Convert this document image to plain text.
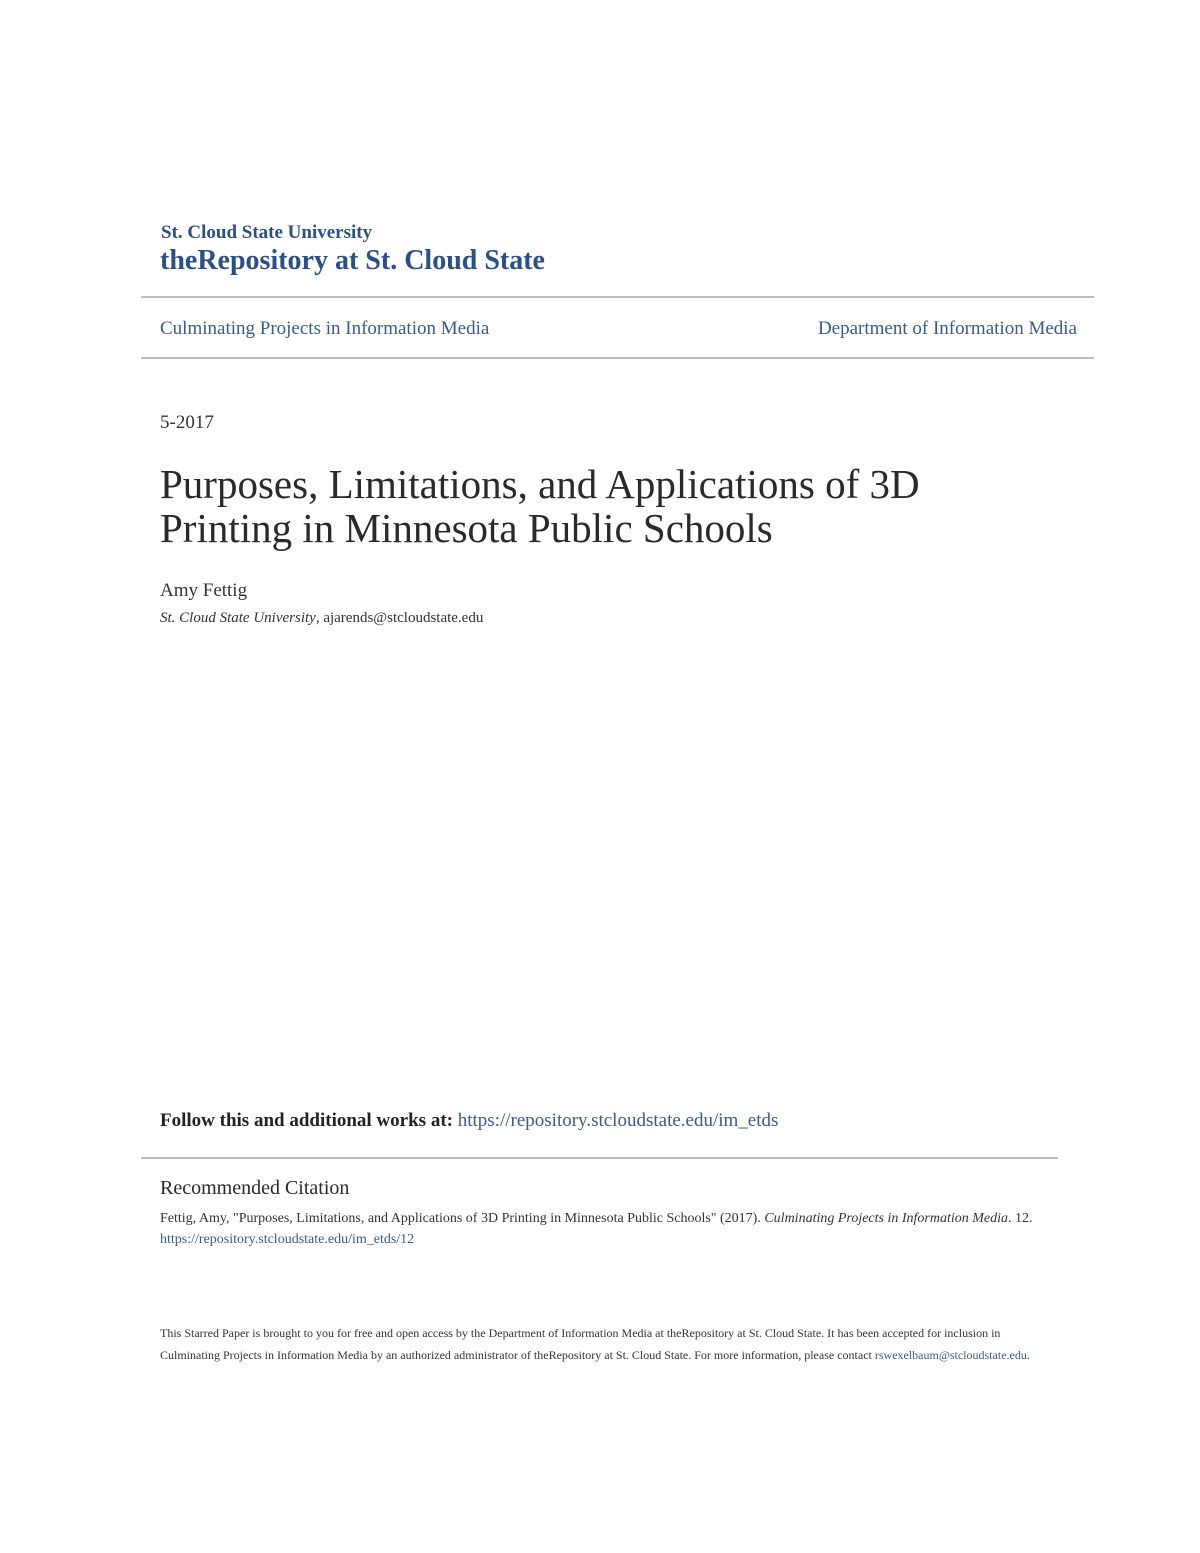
St. Cloud State University
theRepository at St. Cloud State
Culminating Projects in Information Media	Department of Information Media
5-2017
Purposes, Limitations, and Applications of 3D
Printing in Minnesota Public Schools
Amy Fettig
St. Cloud State University, ajarends@stcloudstate.edu
Follow this and additional works at: https://repository.stcloudstate.edu/im_etds
Recommended Citation
Fettig, Amy, "Purposes, Limitations, and Applications of 3D Printing in Minnesota Public Schools" (2017). Culminating Projects in Information Media. 12.
https://repository.stcloudstate.edu/im_etds/12
This Starred Paper is brought to you for free and open access by the Department of Information Media at theRepository at St. Cloud State. It has been accepted for inclusion in Culminating Projects in Information Media by an authorized administrator of theRepository at St. Cloud State. For more information, please contact rswexelbaum@stcloudstate.edu.
